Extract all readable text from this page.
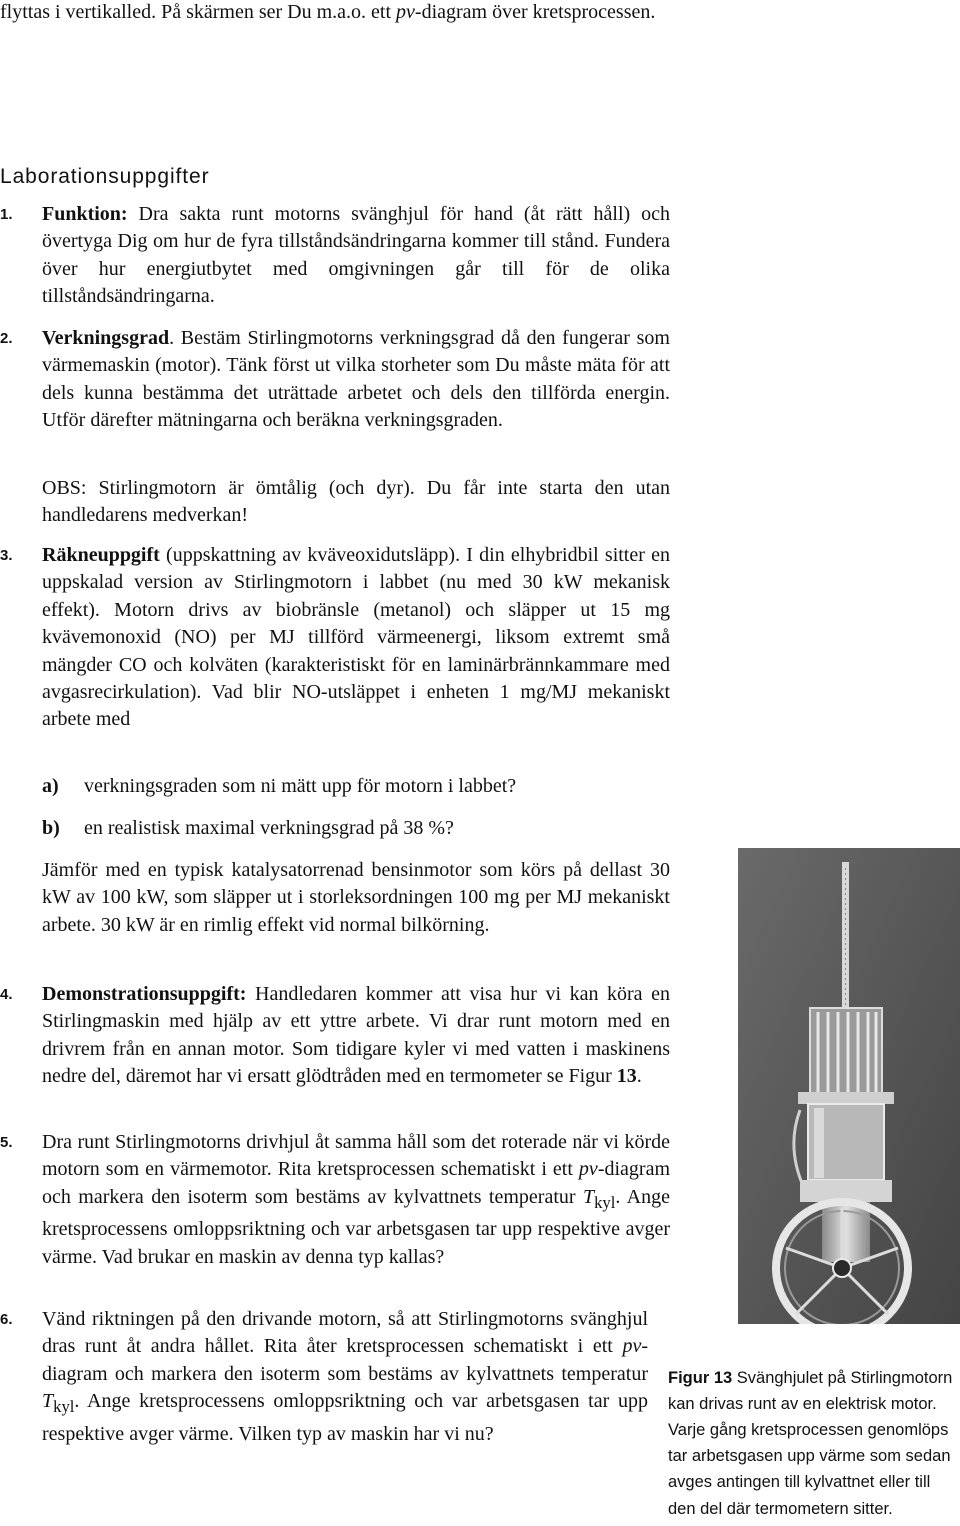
flyttas i vertikalled. På skärmen ser Du m.a.o. ett pv-diagram över kretsprocessen.

Laborationsuppgifter
1. Funktion: Dra sakta runt motorns svänghjul för hand (åt rätt håll) och övertyga Dig om hur de fyra tillståndsändringarna kommer till stånd. Fundera över hur energiutbytet med omgivningen går till för de olika tillståndsändringarna.

2. Verkningsgrad. Bestäm Stirlingmotorns verkningsgrad då den fungerar som värmemaskin (motor). Tänk först ut vilka storheter som Du måste mäta för att dels kunna bestämma det uträttade arbetet och dels den tillförda energin. Utför därefter mätningarna och beräkna verkningsgraden.

OBS: Stirlingmotorn är ömtålig (och dyr). Du får inte starta den utan handledarens medverkan!

3. Räkneuppgift (uppskattning av kväveoxidutsläpp). I din elhybridbil sitter en uppskalad version av Stirlingmotorn i labbet (nu med 30 kW mekanisk effekt). Motorn drivs av biobränsle (metanol) och släpper ut 15 mg kvävemonoxid (NO) per MJ tillförd värmeenergi, liksom extremt små mängder CO och kolväten (karakteristiskt för en laminärbrännkammare med avgasrecirkulation). Vad blir NO-utsläppet i enheten 1 mg/MJ mekaniskt arbete med

a) verkningsgraden som ni mätt upp för motorn i labbet?
b) en realistisk maximal verkningsgrad på 38 %?

Jämför med en typisk katalysatorrenad bensinmotor som körs på dellast 30 kW av 100 kW, som släpper ut i storleksordningen 100 mg per MJ mekaniskt arbete. 30 kW är en rimlig effekt vid normal bilkörning.

4. Demonstrationsuppgift: Handledaren kommer att visa hur vi kan köra en Stirlingmaskin med hjälp av ett yttre arbete. Vi drar runt motorn med en drivrem från en annan motor. Som tidigare kyler vi med vatten i maskinens nedre del, däremot har vi ersatt glödtråden med en termometer se Figur 13.

5. Dra runt Stirlingmotorns drivhjul åt samma håll som det roterade när vi körde motorn som en värmemotor. Rita kretsprocessen schematiskt i ett pv-diagram och markera den isoterm som bestäms av kylvattnets temperatur $T_{kyl}$. Ange kretsprocessens omloppsriktning och var arbetsgasen tar upp respektive avger värme. Vad brukar en maskin av denna typ kallas?

6. Vänd riktningen på den drivande motorn, så att Stirlingmotorns svänghjul dras runt åt andra hållet. Rita åter kretsprocessen schematiskt i ett pv-diagram och markera den isoterm som bestäms av kylvattnets temperatur $T_{kyl}$. Ange kretsprocessens omloppsriktning och var arbetsgasen tar upp respektive avger värme. Vilken typ av maskin har vi nu?

Figur 13 Svänghjulet på Stirlingmotorn kan drivas runt av en elektrisk motor. Varje gång kretsprocessen genomlöps tar arbetsgasen upp värme som sedan avges antingen till kylvattnet eller till den del där termometern sitter.
